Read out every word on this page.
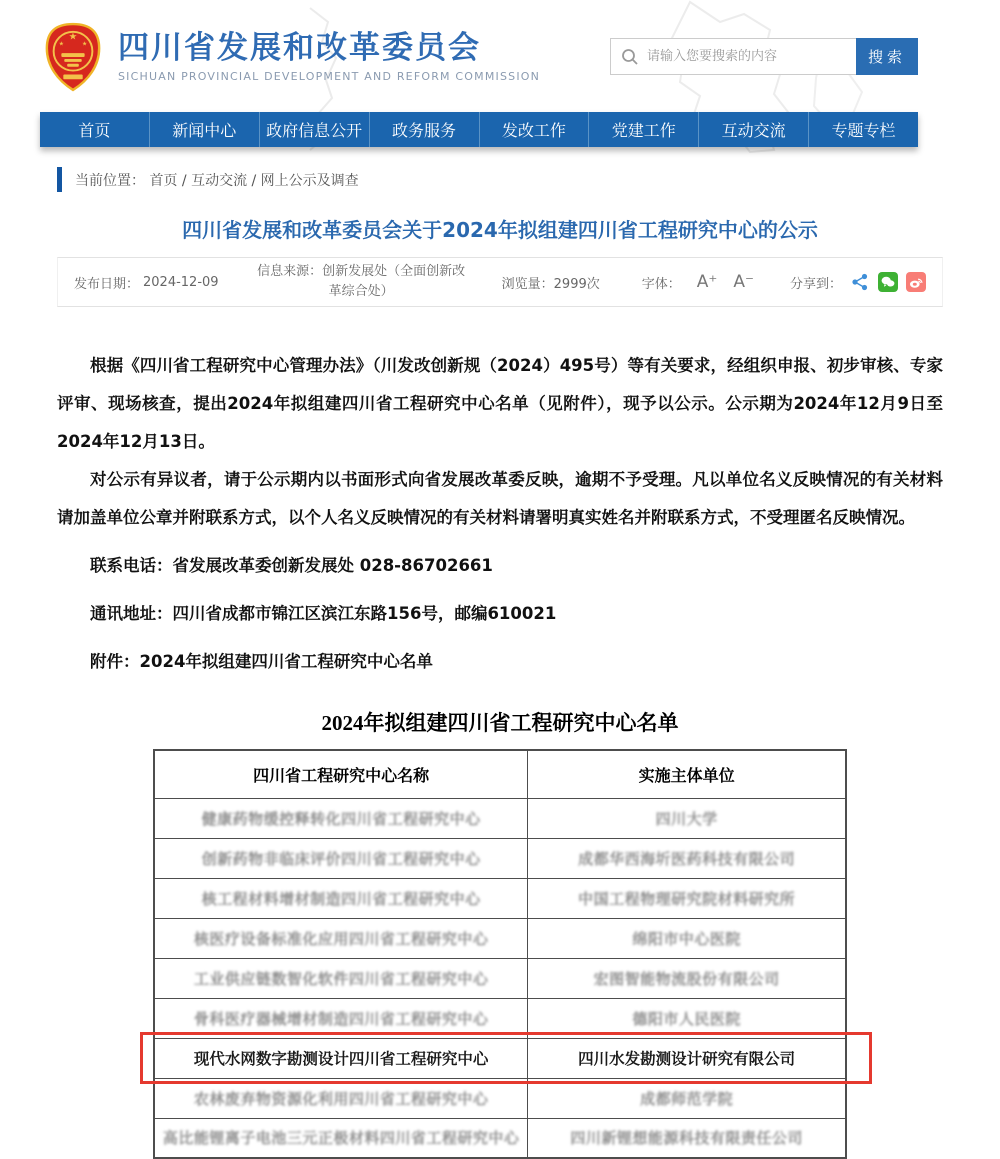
★
★	★ 四川省发展和改革委员会
SICHUAN PROVINCIAL DEVELOPMENT AND REFORM COMMISSION
请输入您要搜索的内容
搜索
首页	新闻中心	政府信息公开	政务服务	发改工作	党建工作	互动交流	专题专栏
当前位置： 首页 / 互动交流 / 网上公示及调查
四川省发展和改革委员会关于2024年拟组建四川省工程研究中心的公示
发布日期： 2024-12-09
信息来源：创新发展处（全面创新改革综合处）	浏览量： 2999次	字体： A⁺ A⁻	分享到：

根据《四川省工程研究中心管理办法》（川发改创新规（2024）495号）等有关要求，经组织申报、初步审核、专家评审、现场核查，提出2024年拟组建四川省工程研究中心名单（见附件），现予以公示。公示期为2024年12月9日至2024年12月13日。

对公示有异议者，请于公示期内以书面形式向省发展改革委反映，逾期不予受理。凡以单位名义反映情况的有关材料请加盖单位公章并附联系方式，以个人名义反映情况的有关材料请署明真实姓名并附联系方式，不受理匿名反映情况。

联系电话：省发展改革委创新发展处 028-86702661

通讯地址：四川省成都市锦江区滨江东路156号，邮编610021

附件：2024年拟组建四川省工程研究中心名单

2024年拟组建四川省工程研究中心名单
四川省工程研究中心名称	实施主体单位
健康药物缓控释转化四川省工程研究中心	四川大学
创新药物非临床评价四川省工程研究中心	成都华西海圻医药科技有限公司
核工程材料增材制造四川省工程研究中心	中国工程物理研究院材料研究所
核医疗设备标准化应用四川省工程研究中心	绵阳市中心医院
工业供应链数智化软件四川省工程研究中心	宏图智能物流股份有限公司
骨科医疗器械增材制造四川省工程研究中心	德阳市人民医院
现代水网数字勘测设计四川省工程研究中心	四川水发勘测设计研究有限公司
农林废弃物资源化利用四川省工程研究中心	成都师范学院
高比能锂离子电池三元正极材料四川省工程研究中心	四川新锂想能源科技有限责任公司
